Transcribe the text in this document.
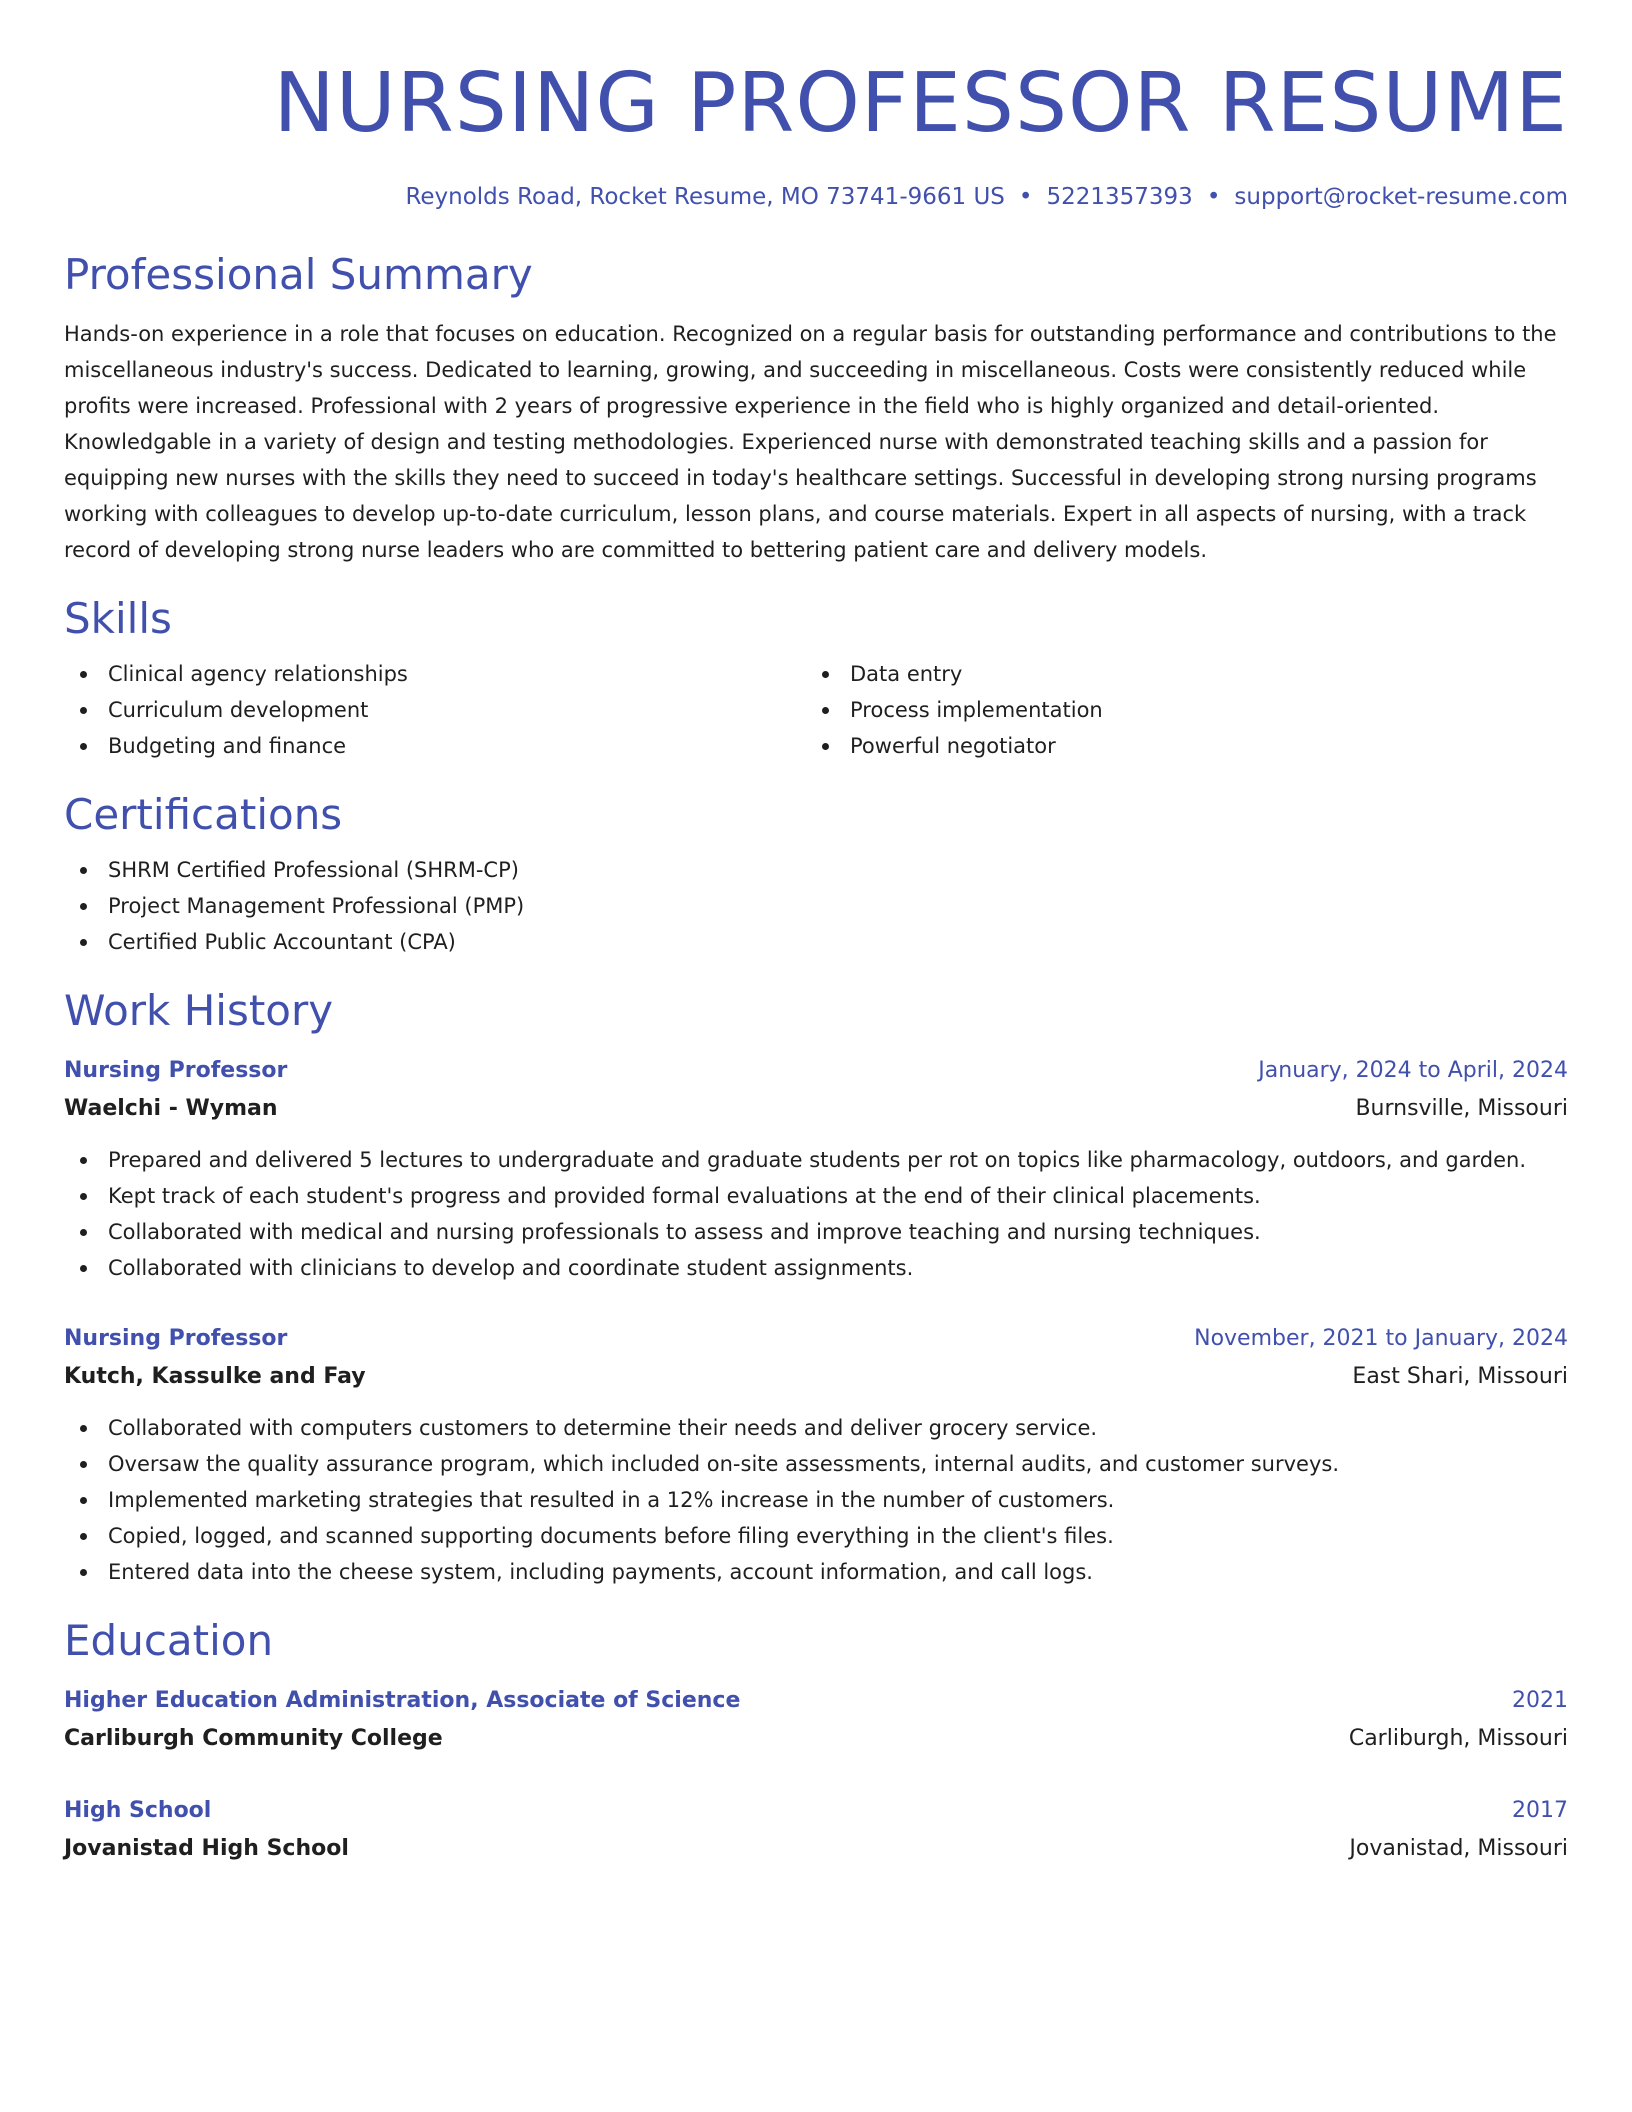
NURSING PROFESSOR RESUME
Reynolds Road, Rocket Resume, MO 73741-9661 US • 5221357393 • support@rocket-resume.com
Professional Summary
Hands-on experience in a role that focuses on education. Recognized on a regular basis for outstanding performance and contributions to the miscellaneous industry's success. Dedicated to learning, growing, and succeeding in miscellaneous. Costs were consistently reduced while profits were increased. Professional with 2 years of progressive experience in the field who is highly organized and detail-oriented. Knowledgable in a variety of design and testing methodologies. Experienced nurse with demonstrated teaching skills and a passion for equipping new nurses with the skills they need to succeed in today's healthcare settings. Successful in developing strong nursing programs working with colleagues to develop up-to-date curriculum, lesson plans, and course materials. Expert in all aspects of nursing, with a track record of developing strong nurse leaders who are committed to bettering patient care and delivery models.
Skills
Clinical agency relationships
Curriculum development
Budgeting and finance
Data entry
Process implementation
Powerful negotiator
Certifications
SHRM Certified Professional (SHRM-CP)
Project Management Professional (PMP)
Certified Public Accountant (CPA)
Work History
Nursing Professor	January, 2024 to April, 2024
Waelchi - Wyman	Burnsville, Missouri
Prepared and delivered 5 lectures to undergraduate and graduate students per rot on topics like pharmacology, outdoors, and garden.
Kept track of each student's progress and provided formal evaluations at the end of their clinical placements.
Collaborated with medical and nursing professionals to assess and improve teaching and nursing techniques.
Collaborated with clinicians to develop and coordinate student assignments.
Nursing Professor	November, 2021 to January, 2024
Kutch, Kassulke and Fay	East Shari, Missouri
Collaborated with computers customers to determine their needs and deliver grocery service.
Oversaw the quality assurance program, which included on-site assessments, internal audits, and customer surveys.
Implemented marketing strategies that resulted in a 12% increase in the number of customers.
Copied, logged, and scanned supporting documents before filing everything in the client's files.
Entered data into the cheese system, including payments, account information, and call logs.
Education
Higher Education Administration, Associate of Science	2021
Carliburgh Community College	Carliburgh, Missouri
High School	2017
Jovanistad High School	Jovanistad, Missouri
